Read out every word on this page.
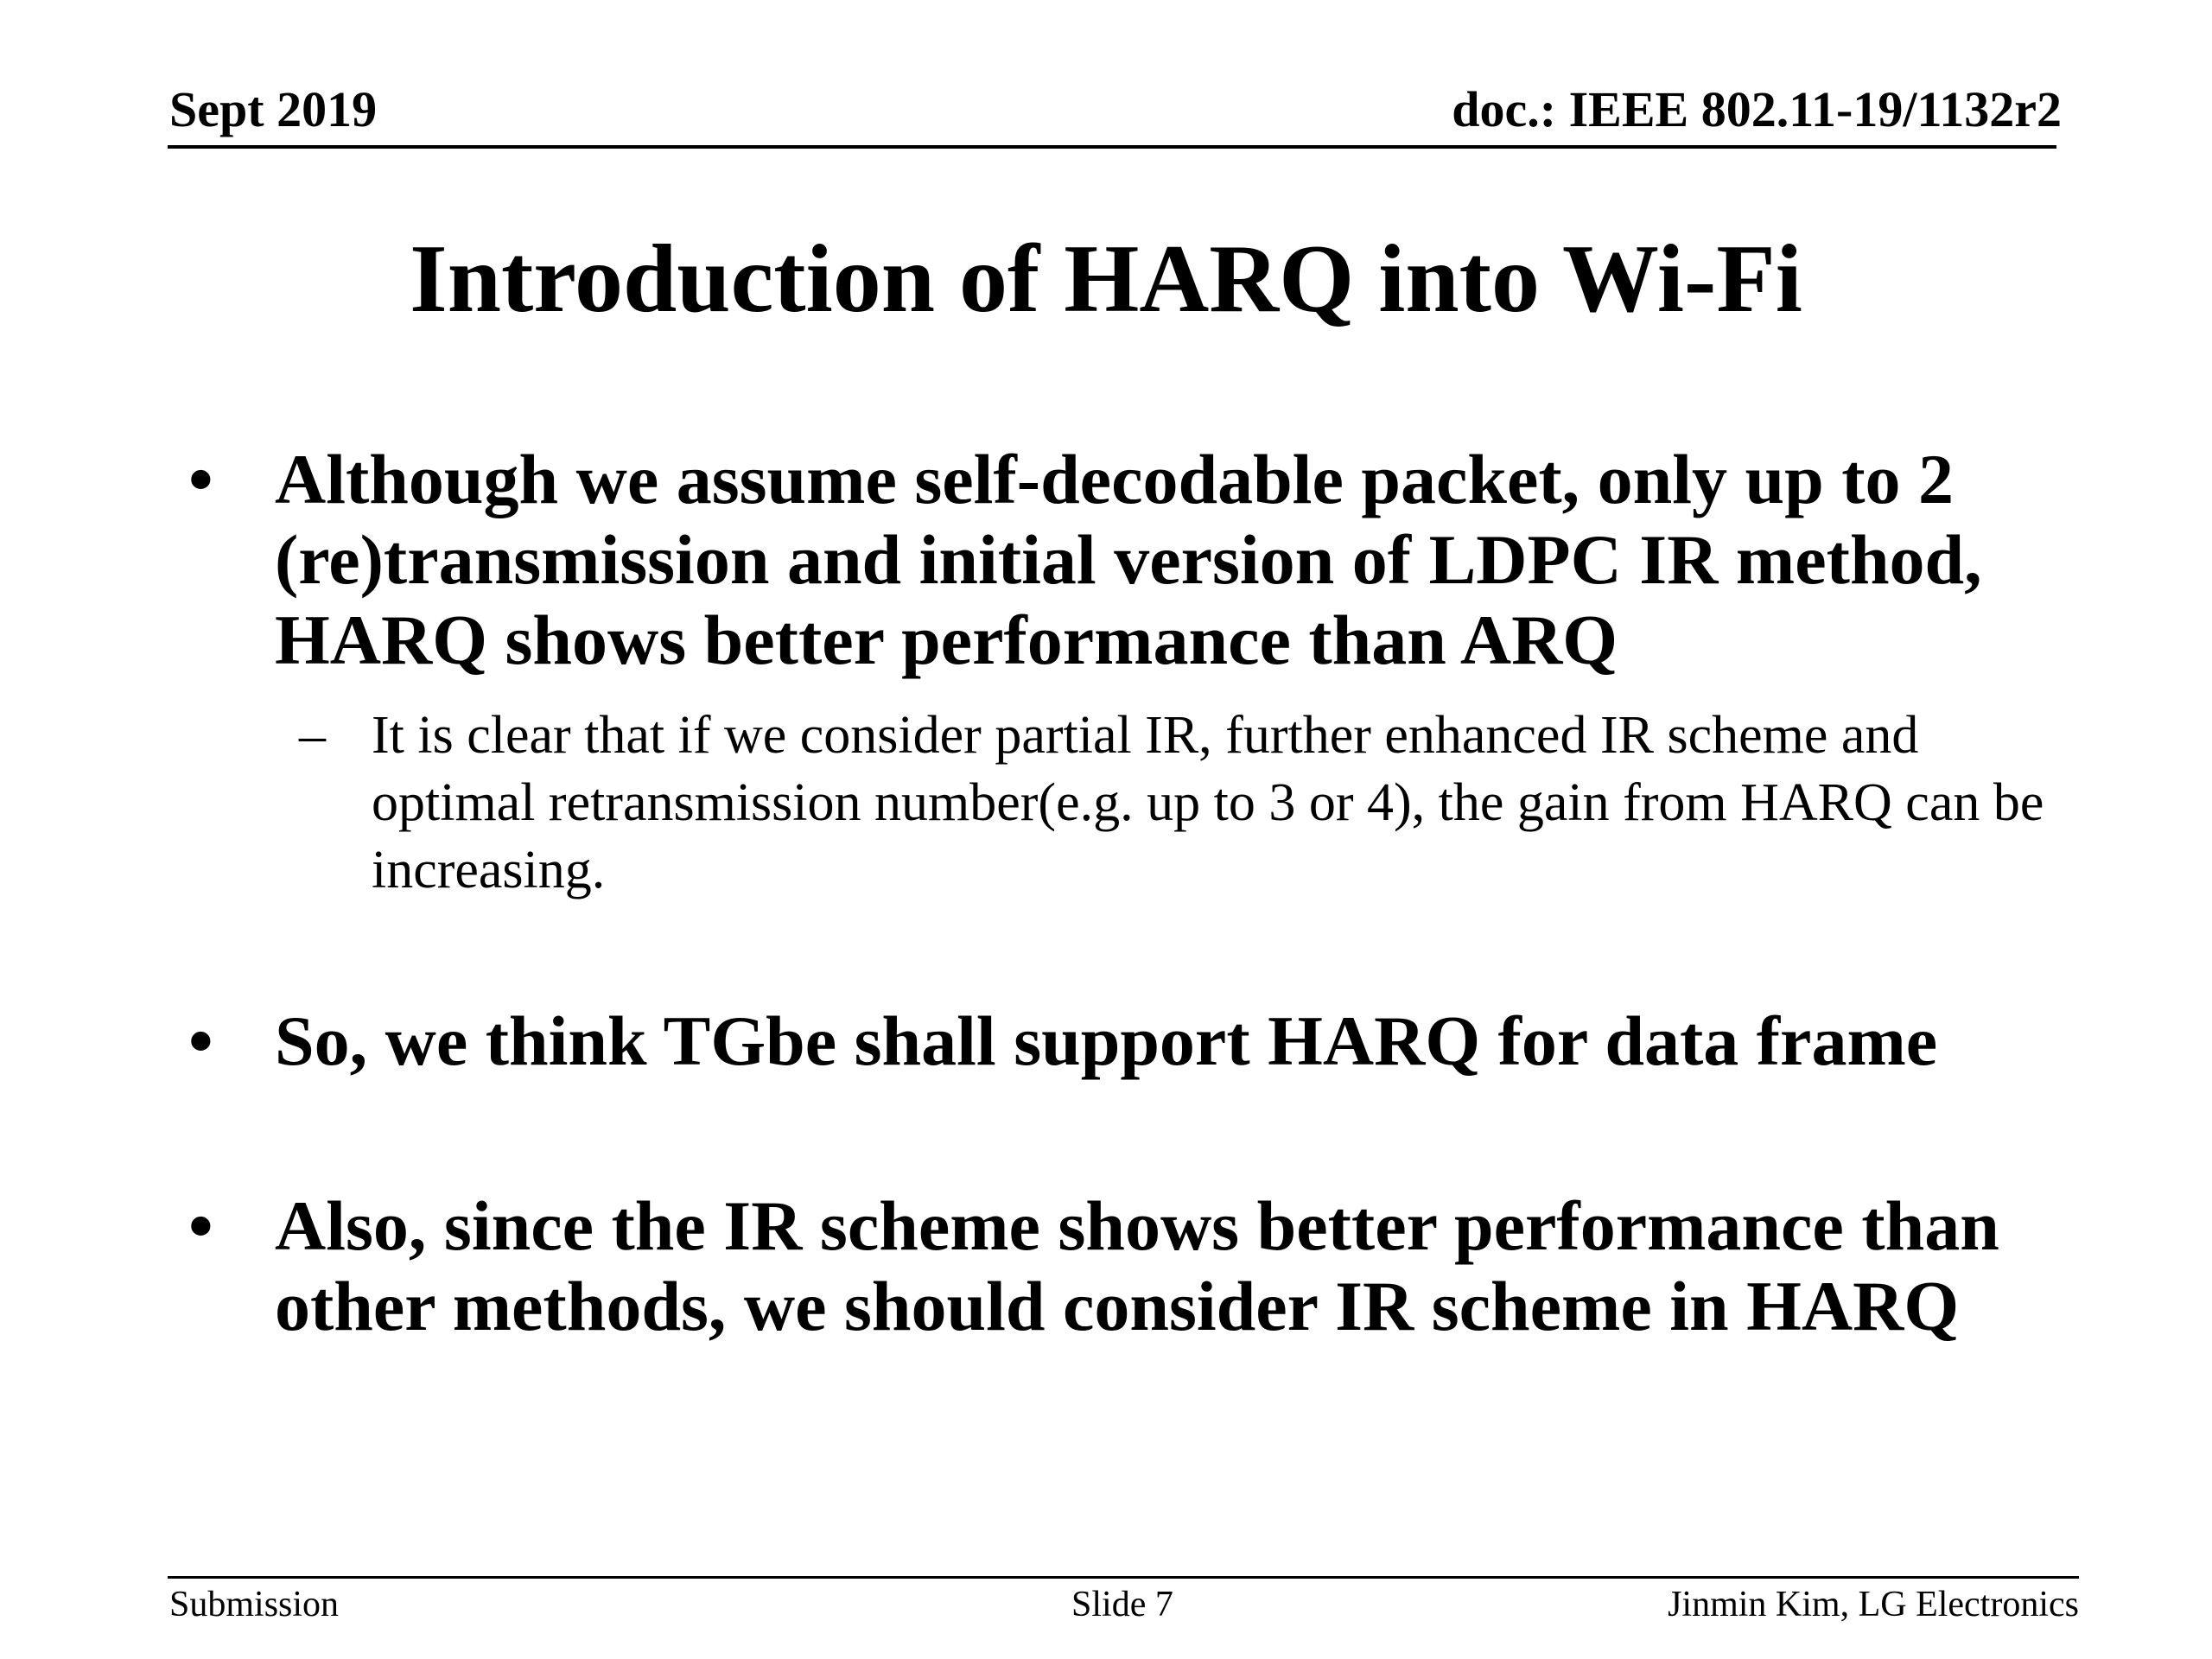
Sept 2019	doc.: IEEE 802.11-19/1132r2
Introduction of HARQ into Wi-Fi
• Although we assume self-decodable packet, only up to 2 (re)transmission and initial version of LDPC IR method, HARQ shows better performance than ARQ
– It is clear that if we consider partial IR, further enhanced IR scheme and optimal retransmission number(e.g. up to 3 or 4), the gain from HARQ can be increasing.
• So, we think TGbe shall support HARQ for data frame
• Also, since the IR scheme shows better performance than other methods, we should consider IR scheme in HARQ
Submission	Slide 7	Jinmin Kim, LG Electronics
